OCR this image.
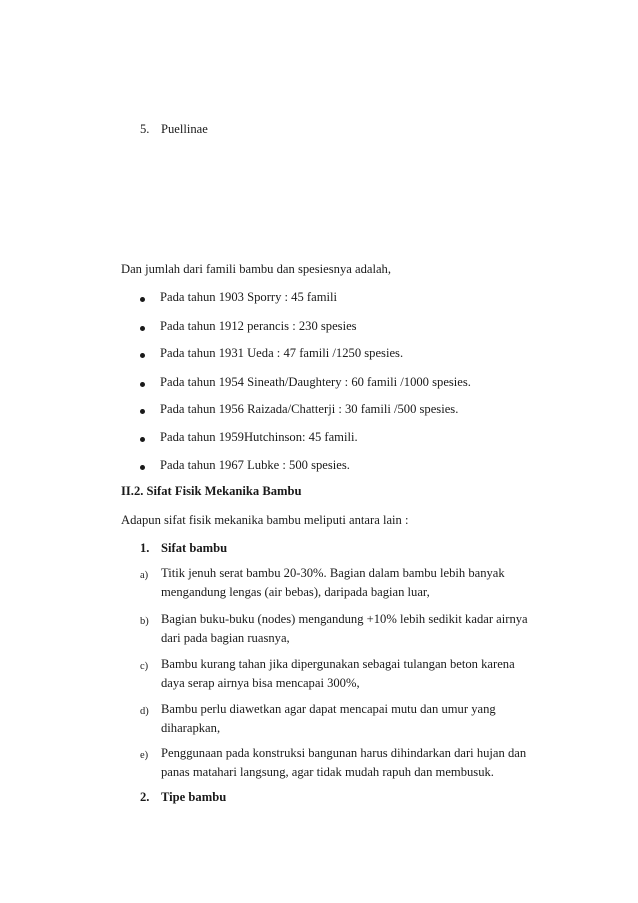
5. Puellinae
Dan jumlah dari famili bambu dan spesiesnya adalah,
Pada tahun 1903 Sporry : 45 famili
Pada tahun 1912 perancis : 230 spesies
Pada tahun 1931 Ueda : 47 famili /1250 spesies.
Pada tahun 1954 Sineath/Daughtery : 60 famili /1000 spesies.
Pada tahun 1956 Raizada/Chatterji : 30 famili /500 spesies.
Pada tahun 1959Hutchinson: 45 famili.
Pada tahun 1967 Lubke : 500 spesies.
II.2. Sifat Fisik Mekanika Bambu
Adapun sifat fisik mekanika bambu meliputi antara lain :
1. Sifat bambu
a) Titik jenuh serat bambu 20-30%. Bagian dalam bambu lebih banyak
mengandung lengas (air bebas), daripada bagian luar,
b) Bagian buku-buku (nodes) mengandung +10% lebih sedikit kadar airnya
dari pada bagian ruasnya,
c) Bambu kurang tahan jika dipergunakan sebagai tulangan beton karena
daya serap airnya bisa mencapai 300%,
d) Bambu perlu diawetkan agar dapat mencapai mutu dan umur yang
diharapkan,
e) Penggunaan pada konstruksi bangunan harus dihindarkan dari hujan dan
panas matahari langsung, agar tidak mudah rapuh dan membusuk.
2. Tipe bambu
